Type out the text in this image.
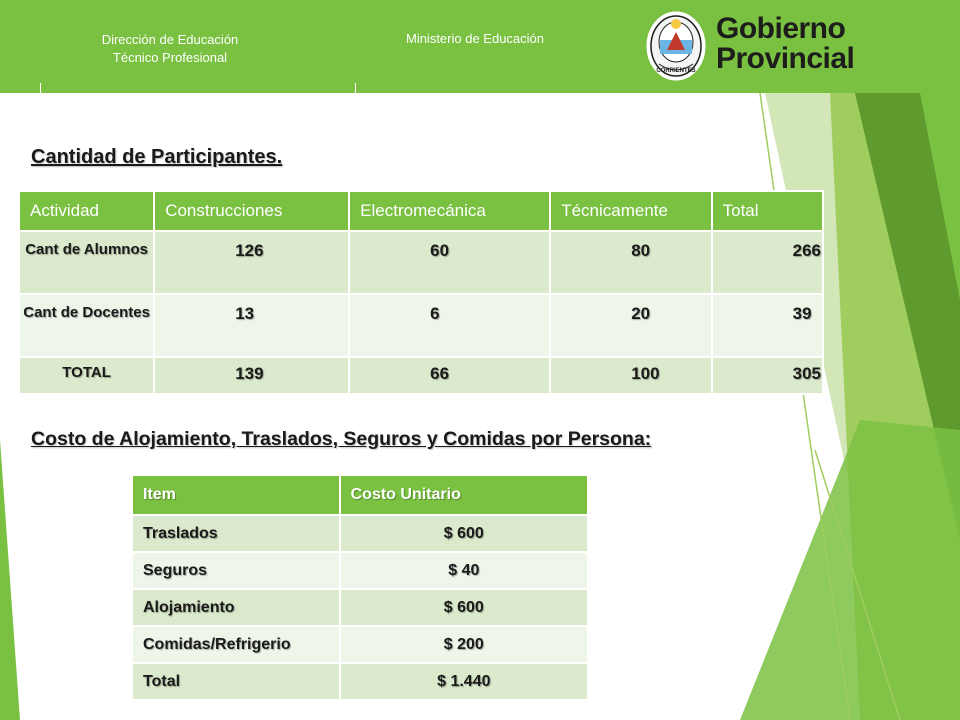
Dirección de Educación
Técnico Profesional
Ministerio de Educación
CORRIENTES
Gobierno
Provincial
Cantidad de Participantes.
Actividad	Construcciones	Electromecánica	Técnicamente	Total
Cant de Alumnos	126	60	80	266
Cant de Docentes	13	6	20	39
TOTAL	139	66	100	305
Costo de Alojamiento, Traslados, Seguros y Comidas por Persona:
Item	Costo Unitario
Traslados	$ 600
Seguros	$ 40
Alojamiento	$ 600
Comidas/Refrigerio	$ 200
Total	$ 1.440
